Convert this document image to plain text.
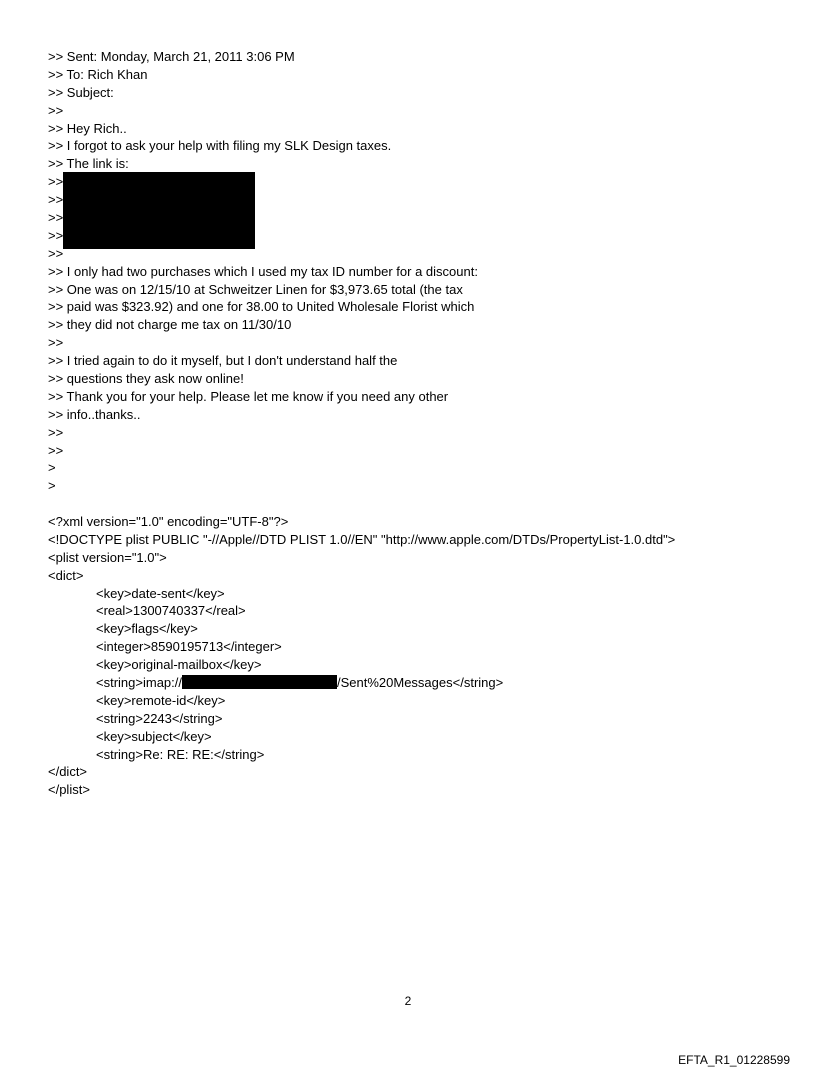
>> Sent: Monday, March 21, 2011 3:06 PM
>> To: Rich Khan
>> Subject:
>>
>> Hey Rich..
>> I forgot to ask your help with filing my SLK Design taxes.
>> The link is:
>>
>>
>>
>>
>>
>> I only had two purchases which I used my tax ID number for a discount:
>> One was on 12/15/10 at Schweitzer Linen for $3,973.65 total (the tax
>> paid was $323.92) and one for 38.00 to United Wholesale Florist which
>> they did not charge me tax on 11/30/10
>>
>> I tried again to do it myself, but I don't understand half the
>> questions they ask now online!
>> Thank you for your help. Please let me know if you need any other
>> info..thanks..
>>
>>
>
>
<?xml version="1.0" encoding="UTF-8"?>
<!DOCTYPE plist PUBLIC "-//Apple//DTD PLIST 1.0//EN" "http://www.apple.com/DTDs/PropertyList-1.0.dtd">
<plist version="1.0">
<dict>
<key>date-sent</key>
<real>1300740337</real>
<key>flags</key>
<integer>8590195713</integer>
<key>original-mailbox</key>
<string>imap://	/Sent%20Messages</string>
<key>remote-id</key>
<string>2243</string>
<key>subject</key>
<string>Re: RE: RE:</string>
</dict>
</plist>
2
EFTA_R1_01228599
